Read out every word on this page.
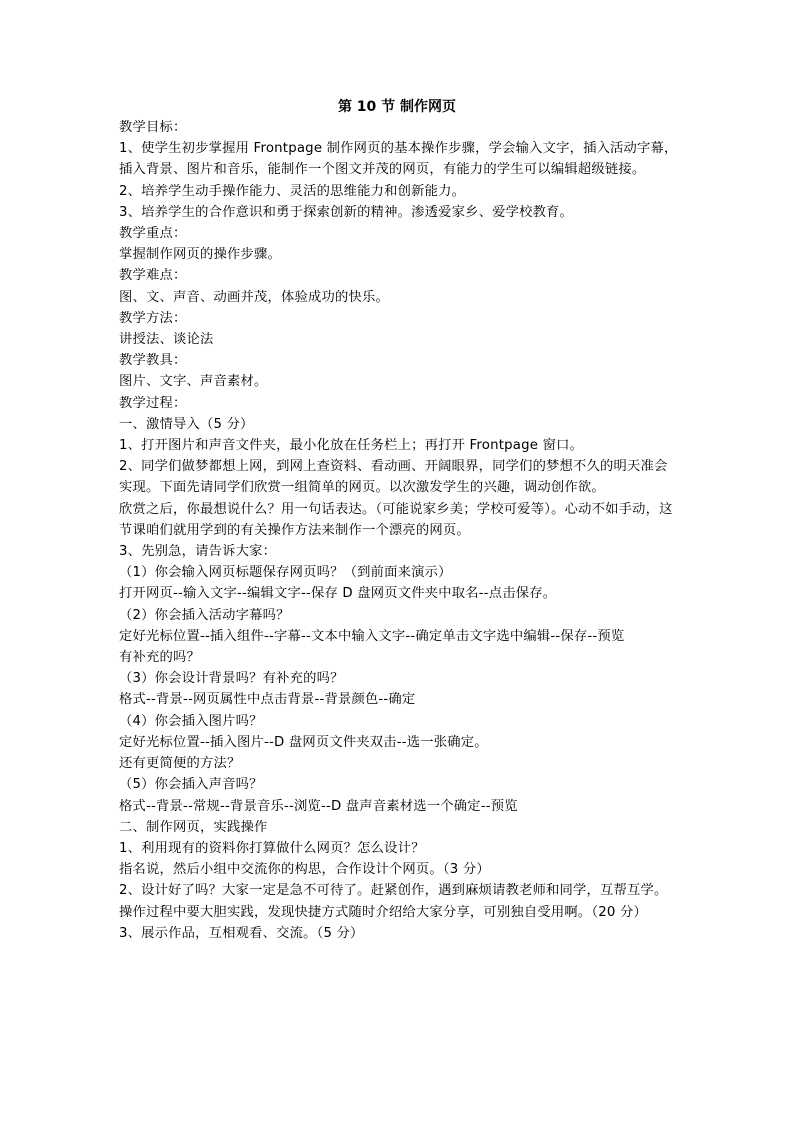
第 10 节 制作网页

教学目标：

1、使学生初步掌握用 Frontpage 制作网页的基本操作步骤，学会输入文字，插入活动字幕，插入背景、图片和音乐，能制作一个图文并茂的网页，有能力的学生可以编辑超级链接。

2、培养学生动手操作能力、灵活的思维能力和创新能力。

3、培养学生的合作意识和勇于探索创新的精神。渗透爱家乡、爱学校教育。

教学重点：

掌握制作网页的操作步骤。

教学难点：

图、文、声音、动画并茂，体验成功的快乐。

教学方法：

讲授法、谈论法

教学教具：

图片、文字、声音素材。

教学过程：

一、激情导入（5 分）

1、打开图片和声音文件夹，最小化放在任务栏上；再打开 Frontpage 窗口。

2、同学们做梦都想上网，到网上查资料、看动画、开阔眼界，同学们的梦想不久的明天准会实现。下面先请同学们欣赏一组简单的网页。以次激发学生的兴趣，调动创作欲。

欣赏之后，你最想说什么？用一句话表达。（可能说家乡美；学校可爱等）。心动不如手动，这节课咱们就用学到的有关操作方法来制作一个漂亮的网页。

3、先别急，请告诉大家：

（1）你会输入网页标题保存网页吗？（到前面来演示）

打开网页--输入文字--编辑文字--保存 D 盘网页文件夹中取名--点击保存。

（2）你会插入活动字幕吗？

定好光标位置--插入组件--字幕--文本中输入文字--确定单击文字选中编辑--保存--预览

有补充的吗？

（3）你会设计背景吗？有补充的吗？

格式--背景--网页属性中点击背景--背景颜色--确定

（4）你会插入图片吗？

定好光标位置--插入图片--D 盘网页文件夹双击--选一张确定。

还有更简便的方法？

（5）你会插入声音吗？

格式--背景--常规--背景音乐--浏览--D 盘声音素材选一个确定--预览

二、制作网页，实践操作

1、利用现有的资料你打算做什么网页？怎么设计？

指名说，然后小组中交流你的构思，合作设计个网页。（3 分）

2、设计好了吗？大家一定是急不可待了。赶紧创作，遇到麻烦请教老师和同学，互帮互学。操作过程中要大胆实践，发现快捷方式随时介绍给大家分享，可别独自受用啊。（20 分）

3、展示作品，互相观看、交流。（5 分）
